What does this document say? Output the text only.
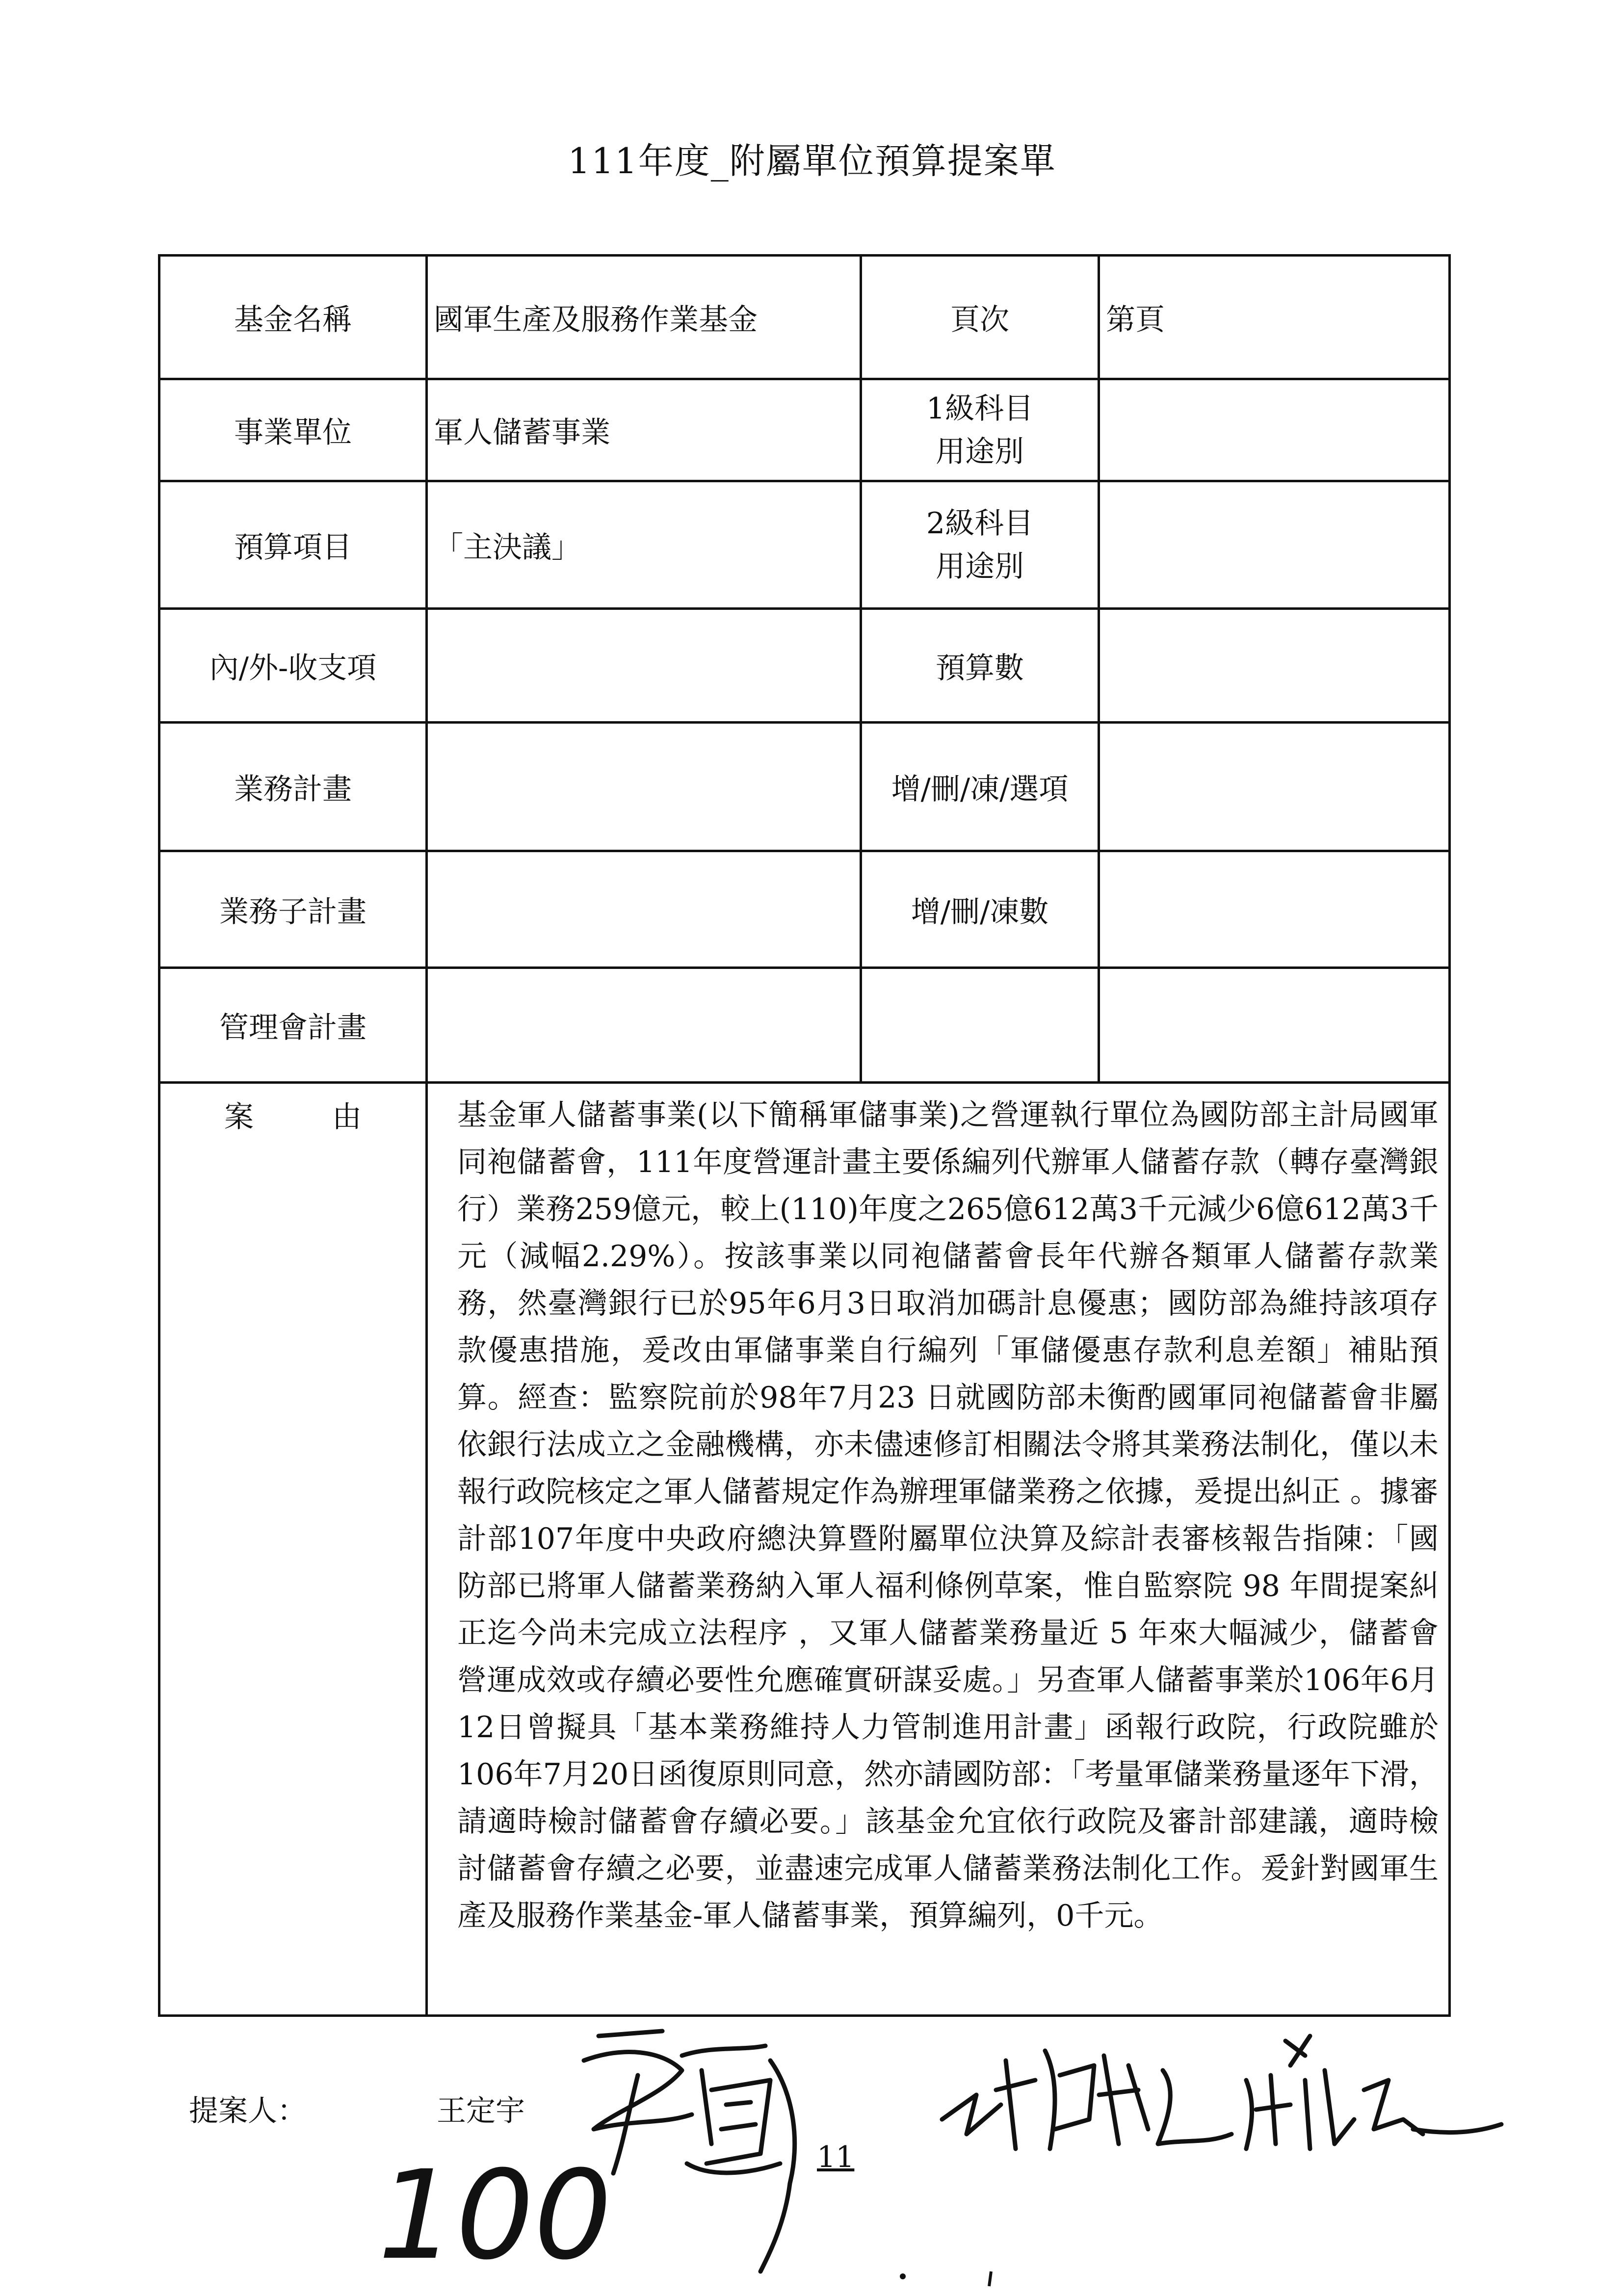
111年度_附屬單位預算提案單
基金名稱	國軍生產及服務作業基金	頁次	第頁
事業單位	軍人儲蓄事業	1級科目
用途別	

預算項目	「主決議」	2級科目
用途別	

內/外-收支項		預算數	
業務計畫		增/刪/凍/選項	
業務子計畫		增/刪/凍數	
管理會計畫			
案由	基金軍人儲蓄事業(以下簡稱軍儲事業)之營運執行單位為國防部主計局國軍同袍儲蓄會，111年度營運計畫主要係編列代辦軍人儲蓄存款（轉存臺灣銀行）業務259億元，較上(110)年度之265億612萬3千元減少6億612萬3千元（減幅2.29%）。按該事業以同袍儲蓄會長年代辦各類軍人儲蓄存款業務，然臺灣銀行已於95年6月3日取消加碼計息優惠；國防部為維持該項存款優惠措施，爰改由軍儲事業自行編列「軍儲優惠存款利息差額」補貼預算。經查：監察院前於98年7月23 日就國防部未衡酌國軍同袍儲蓄會非屬依銀行法成立之金融機構，亦未儘速修訂相關法令將其業務法制化，僅以未報行政院核定之軍人儲蓄規定作為辦理軍儲業務之依據，爰提出糾正 。據審計部107年度中央政府總決算暨附屬單位決算及綜計表審核報告指陳：「國防部已將軍人儲蓄業務納入軍人福利條例草案，惟自監察院 98 年間提案糾正迄今尚未完成立法程序 ，又軍人儲蓄業務量近 5 年來大幅減少，儲蓄會營運成效或存續必要性允應確實研謀妥處。」另查軍人儲蓄事業於106年6月12日曾擬具「基本業務維持人力管制進用計畫」函報行政院，行政院雖於106年7月20日函復原則同意，然亦請國防部：「考量軍儲業務量逐年下滑，請適時檢討儲蓄會存續必要。」該基金允宜依行政院及審計部建議，適時檢討儲蓄會存續之必要，並盡速完成軍人儲蓄業務法制化工作。爰針對國軍生產及服務作業基金-軍人儲蓄事業，預算編列，0千元。		
提案人：	王定宇
100	11
